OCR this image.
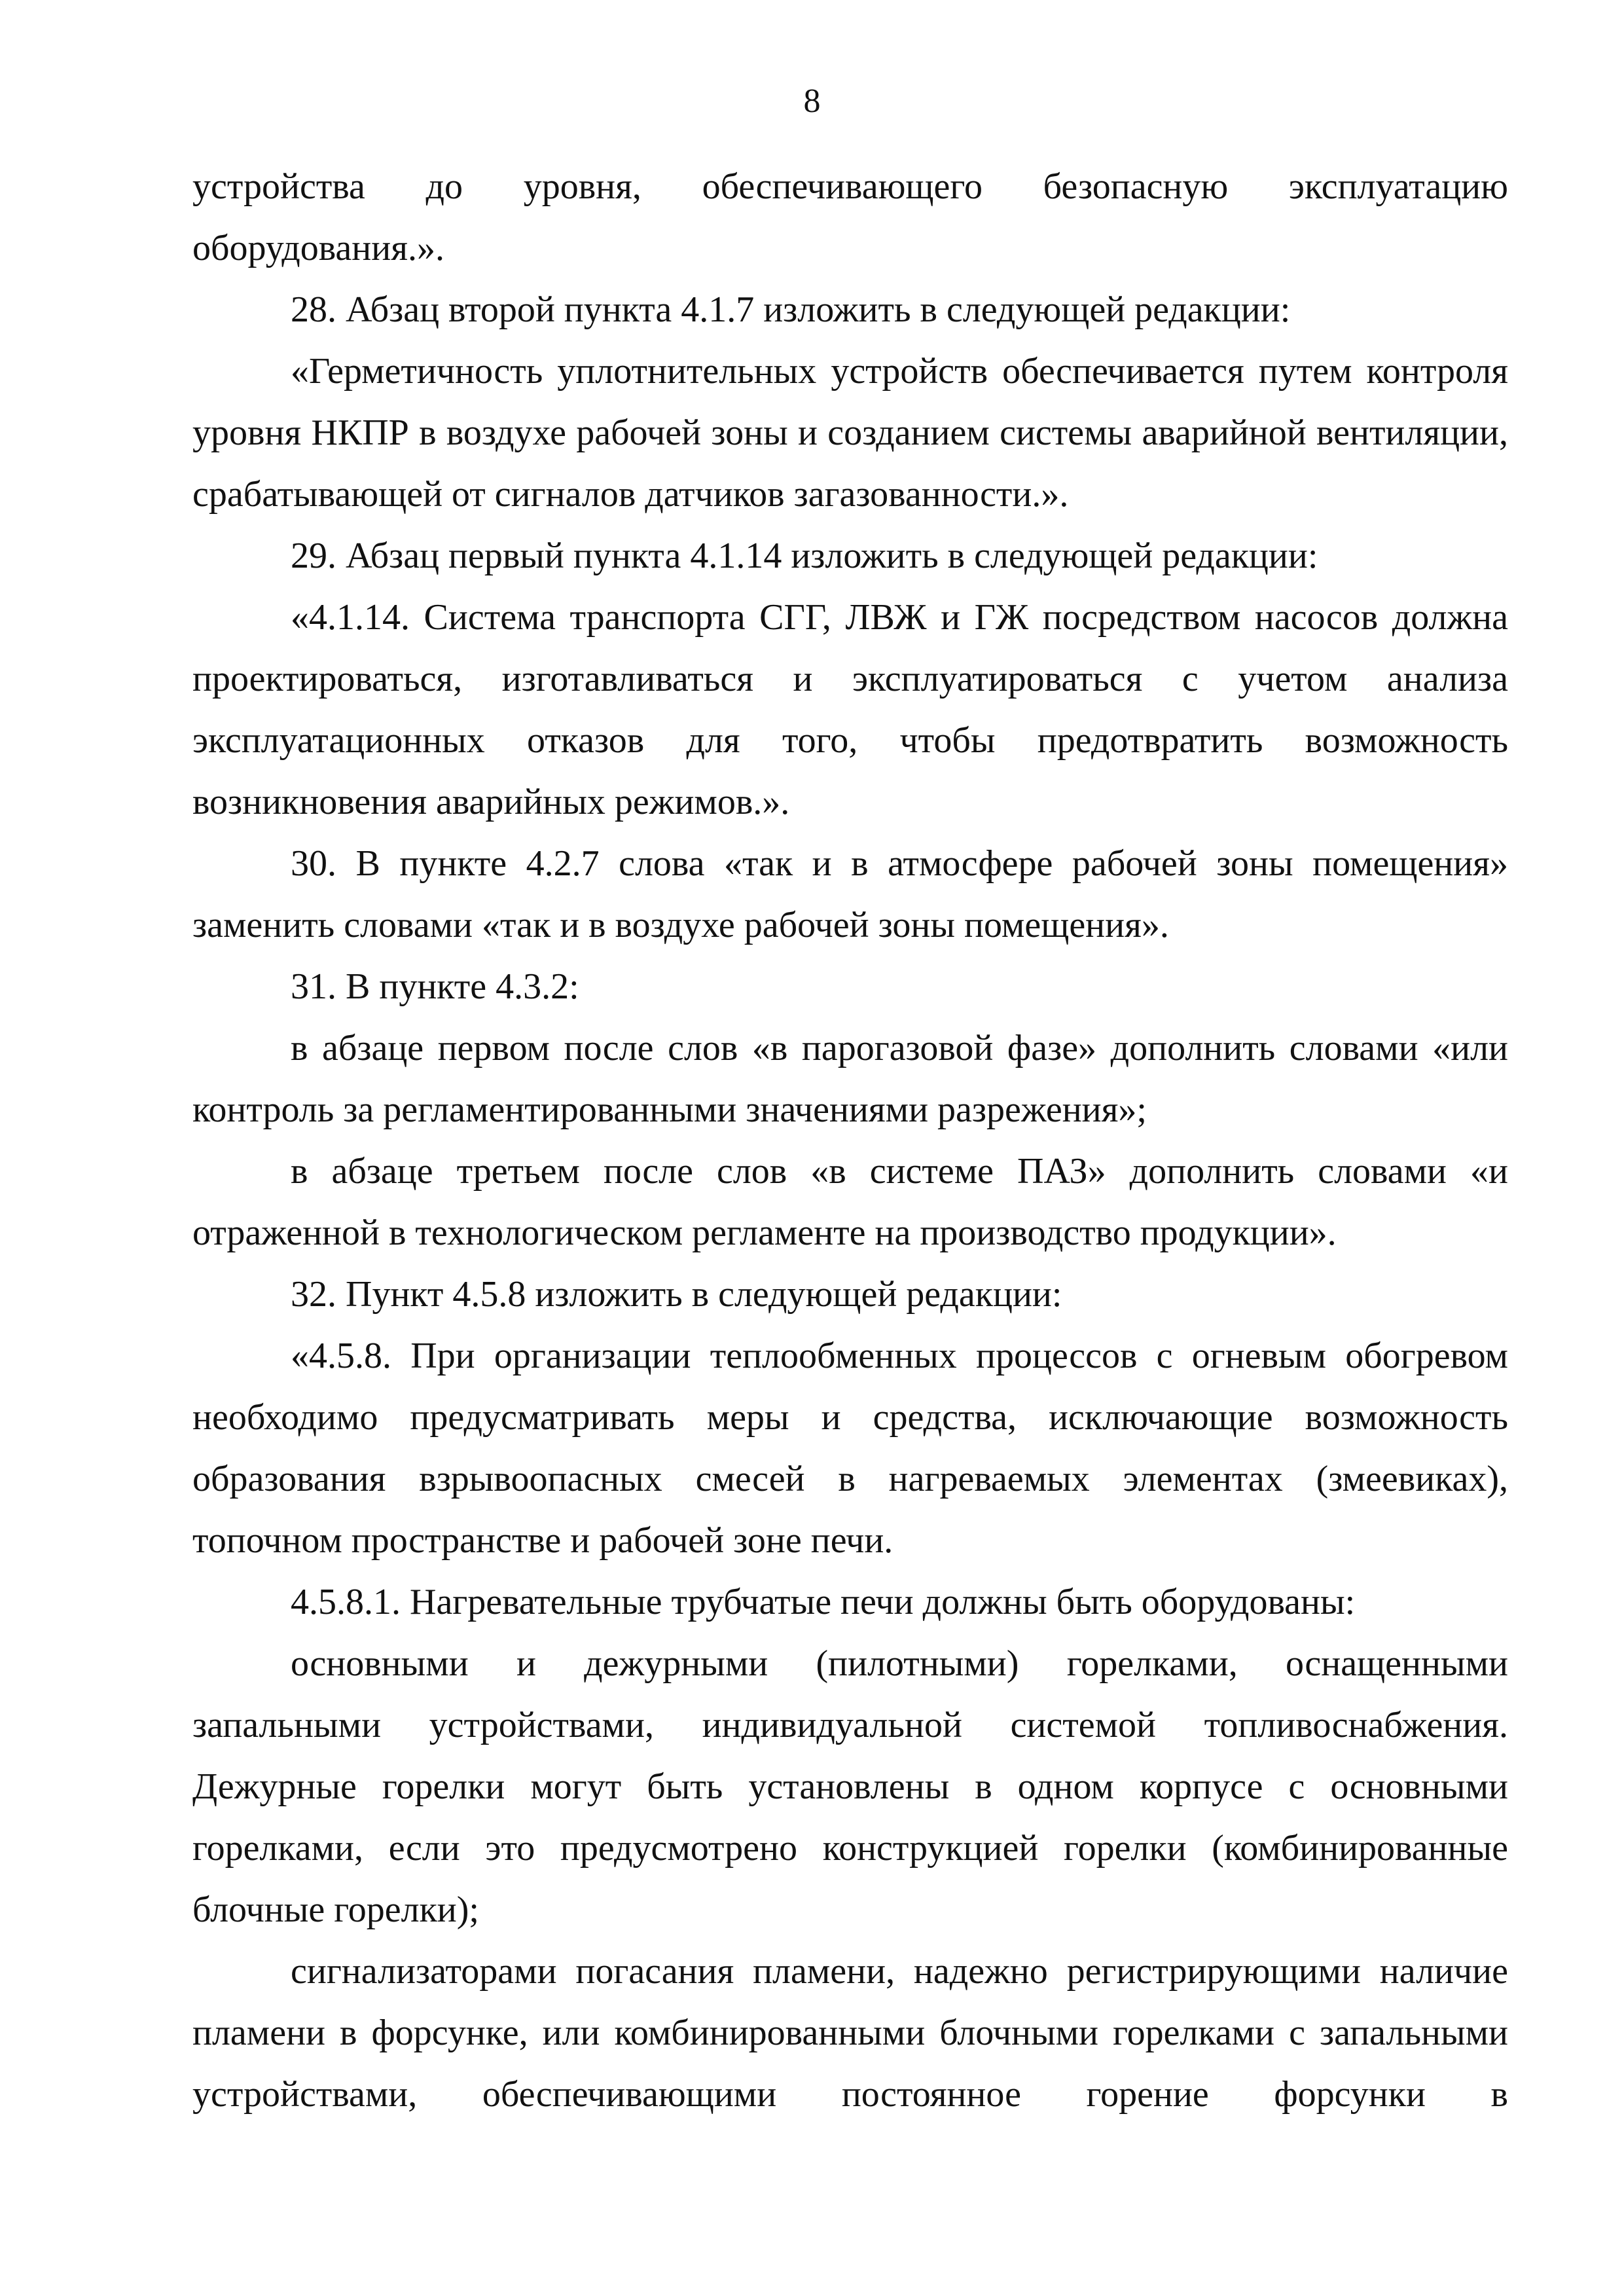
8

устройства до уровня, обеспечивающего безопасную эксплуатацию оборудования.».

28. Абзац второй пункта 4.1.7 изложить в следующей редакции:

«Герметичность уплотнительных устройств обеспечивается путем контроля уровня НКПР в воздухе рабочей зоны и созданием системы аварийной вентиляции, срабатывающей от сигналов датчиков загазованности.».

29. Абзац первый пункта 4.1.14 изложить в следующей редакции:

«4.1.14. Система транспорта СГГ, ЛВЖ и ГЖ посредством насосов должна проектироваться, изготавливаться и эксплуатироваться с учетом анализа эксплуатационных отказов для того, чтобы предотвратить возможность возникновения аварийных режимов.».

30. В пункте 4.2.7 слова «так и в атмосфере рабочей зоны помещения» заменить словами «так и в воздухе рабочей зоны помещения».

31. В пункте 4.3.2:

в абзаце первом после слов «в парогазовой фазе» дополнить словами «или контроль за регламентированными значениями разрежения»;

в абзаце третьем после слов «в системе ПАЗ» дополнить словами «и отраженной в технологическом регламенте на производство продукции».

32. Пункт 4.5.8 изложить в следующей редакции:

«4.5.8. При организации теплообменных процессов с огневым обогревом необходимо предусматривать меры и средства, исключающие возможность образования взрывоопасных смесей в нагреваемых элементах (змеевиках), топочном пространстве и рабочей зоне печи.

4.5.8.1. Нагревательные трубчатые печи должны быть оборудованы:

основными и дежурными (пилотными) горелками, оснащенными запальными устройствами, индивидуальной системой топливоснабжения. Дежурные горелки могут быть установлены в одном корпусе с основными горелками, если это предусмотрено конструкцией горелки (комбинированные блочные горелки);

сигнализаторами погасания пламени, надежно регистрирующими наличие пламени в форсунке, или комбинированными блочными горелками с запальными устройствами, обеспечивающими постоянное горение форсунки в
